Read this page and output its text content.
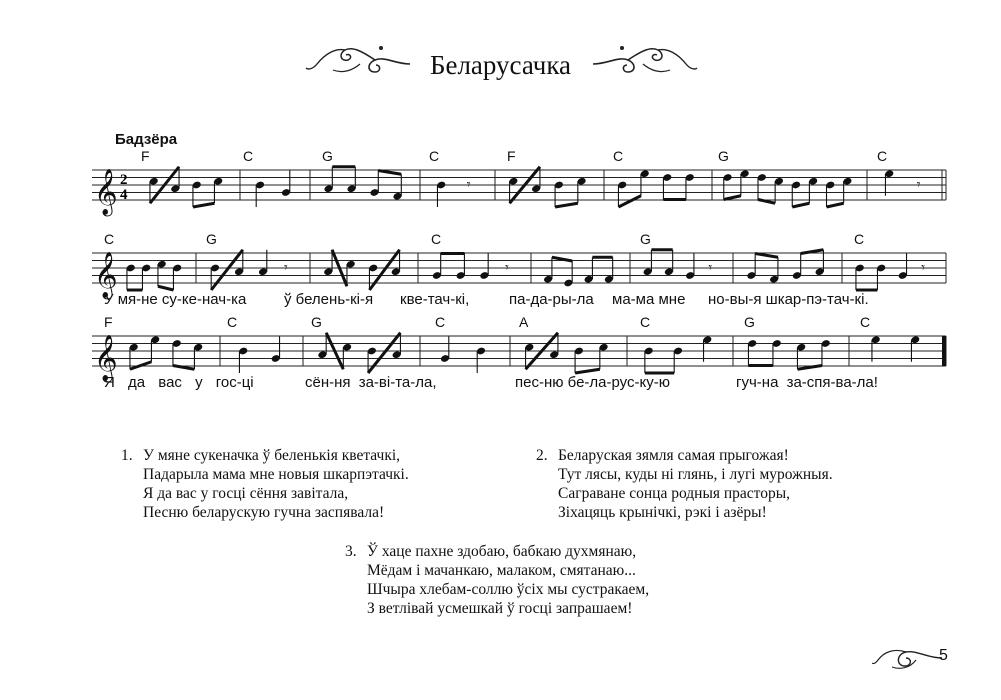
Беларусачка
Бадзёра
𝄞 2
4
𝄾	𝄾
𝄞	𝄾	𝄾	𝄾	𝄾
𝄞
F	C	G	C	F	C	G	C
C	G	C	G	C
F	C	G	C	A	C	G	C
У мя-не су-ке-нач-ка	ў белень-кі-я кве-тач-кі,	па-да-ры-ла ма-ма мне но-вы-я шкар-пэ-тач-кі.
Я да вас у гос-ці	сён-ня за-ві-та-ла,	пес-ню бе-ла-рус-ку-ю	гуч-на за-спя-ва-ла!
1. У мяне сукеначка ў беленькія кветачкі,
Падарыла мама мне новыя шкарпэтачкі.
Я да вас у госці сёння завітала,
Песню беларускую гучна заспявала!
2. Беларуская зямля самая прыгожая!
Тут лясы, куды ні глянь, і лугі мурожныя.
Саграване сонца родныя прасторы,
Зіхацяць крынічкі, рэкі і азёры!
3. Ў хаце пахне здобаю, бабкаю духмянаю,
Мёдам і мачанкаю, малаком, смятанаю...
Шчыра хлебам-соллю ўсіх мы сустракаем,
З ветлівай усмешкай ў госці запрашаем!
5
